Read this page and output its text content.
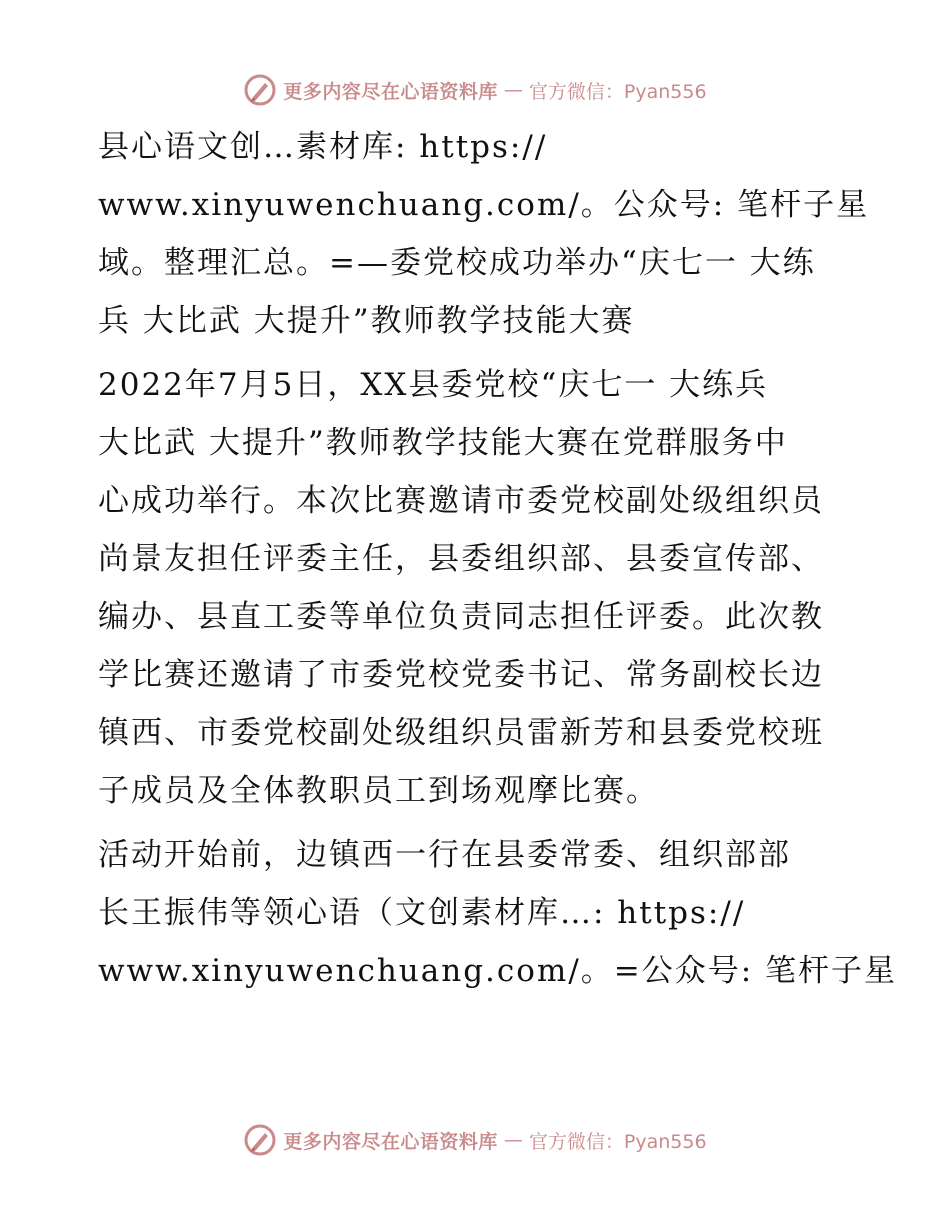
更多内容尽在心语资料库 — 官方微信：Pyan556
县心语文创…素材库: https://
www.xinyuwenchuang.com/。公众号: 笔杆子星
域。整理汇总。=—委党校成功举办“庆七一 大练
兵 大比武 大提升”教师教学技能大赛
2022年7月5日，XX县委党校“庆七一 大练兵
大比武 大提升”教师教学技能大赛在党群服务中
心成功举行。本次比赛邀请市委党校副处级组织员
尚景友担任评委主任，县委组织部、县委宣传部、
编办、县直工委等单位负责同志担任评委。此次教
学比赛还邀请了市委党校党委书记、常务副校长边
镇西、市委党校副处级组织员雷新芳和县委党校班
子成员及全体教职员工到场观摩比赛。
活动开始前，边镇西一行在县委常委、组织部部
长王振伟等领心语（文创素材库…: https://
www.xinyuwenchuang.com/。=公众号: 笔杆子星
更多内容尽在心语资料库 — 官方微信：Pyan556
